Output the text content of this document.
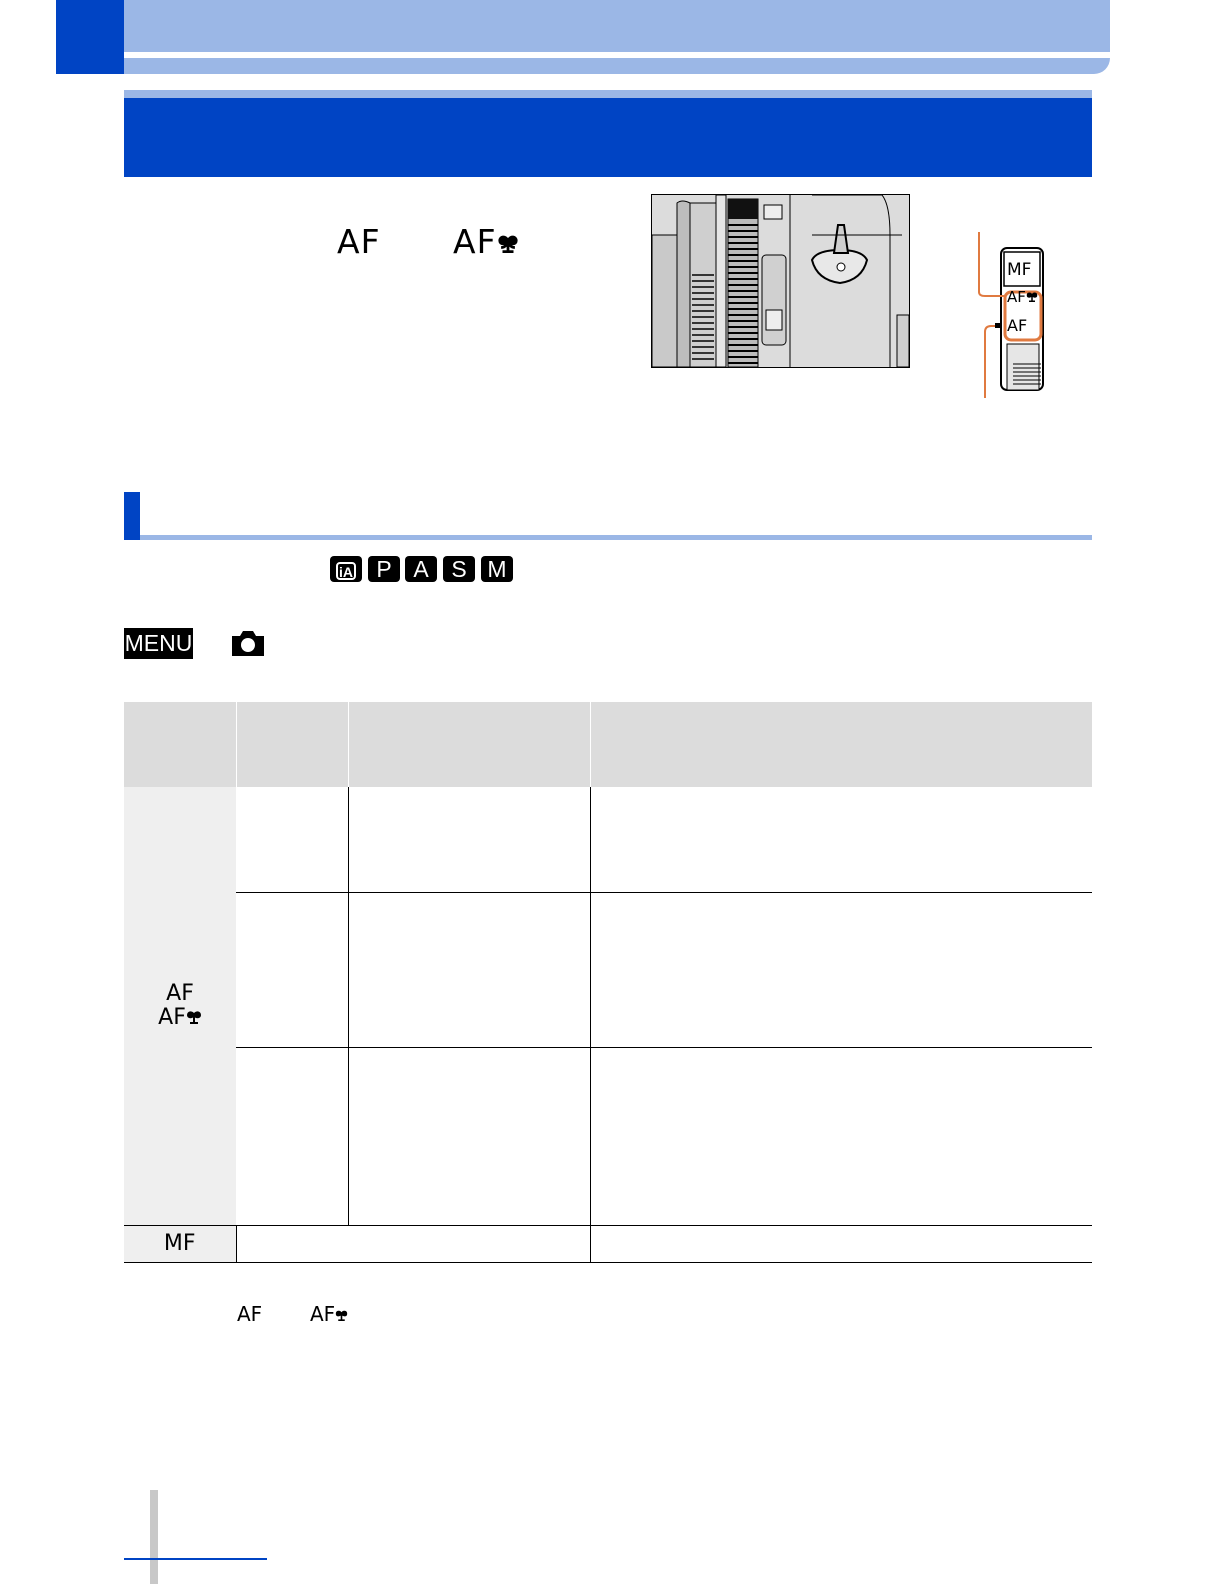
AF AF
MF
AF
AF
iA	P A S M
MENU

AF
AF			

MF			

AF AF
